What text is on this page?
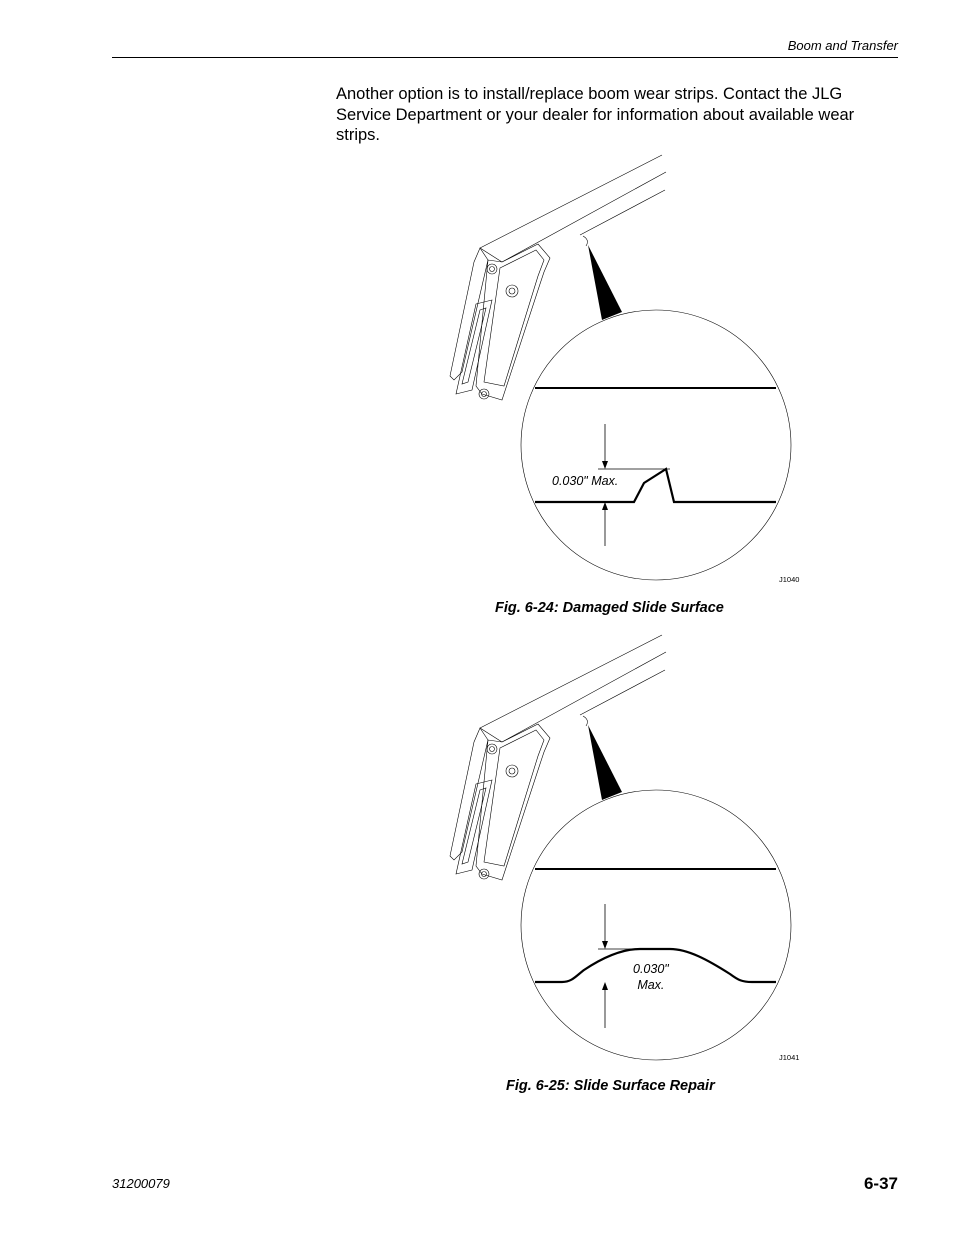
Boom and Transfer
Another option is to install/replace boom wear strips. Contact the JLG Service Department or your dealer for information about available wear strips.
0.030" Max.
J1040
Fig. 6-24: Damaged Slide Surface
0.030"
Max.
J1041
Fig. 6-25: Slide Surface Repair
31200079	6-37
